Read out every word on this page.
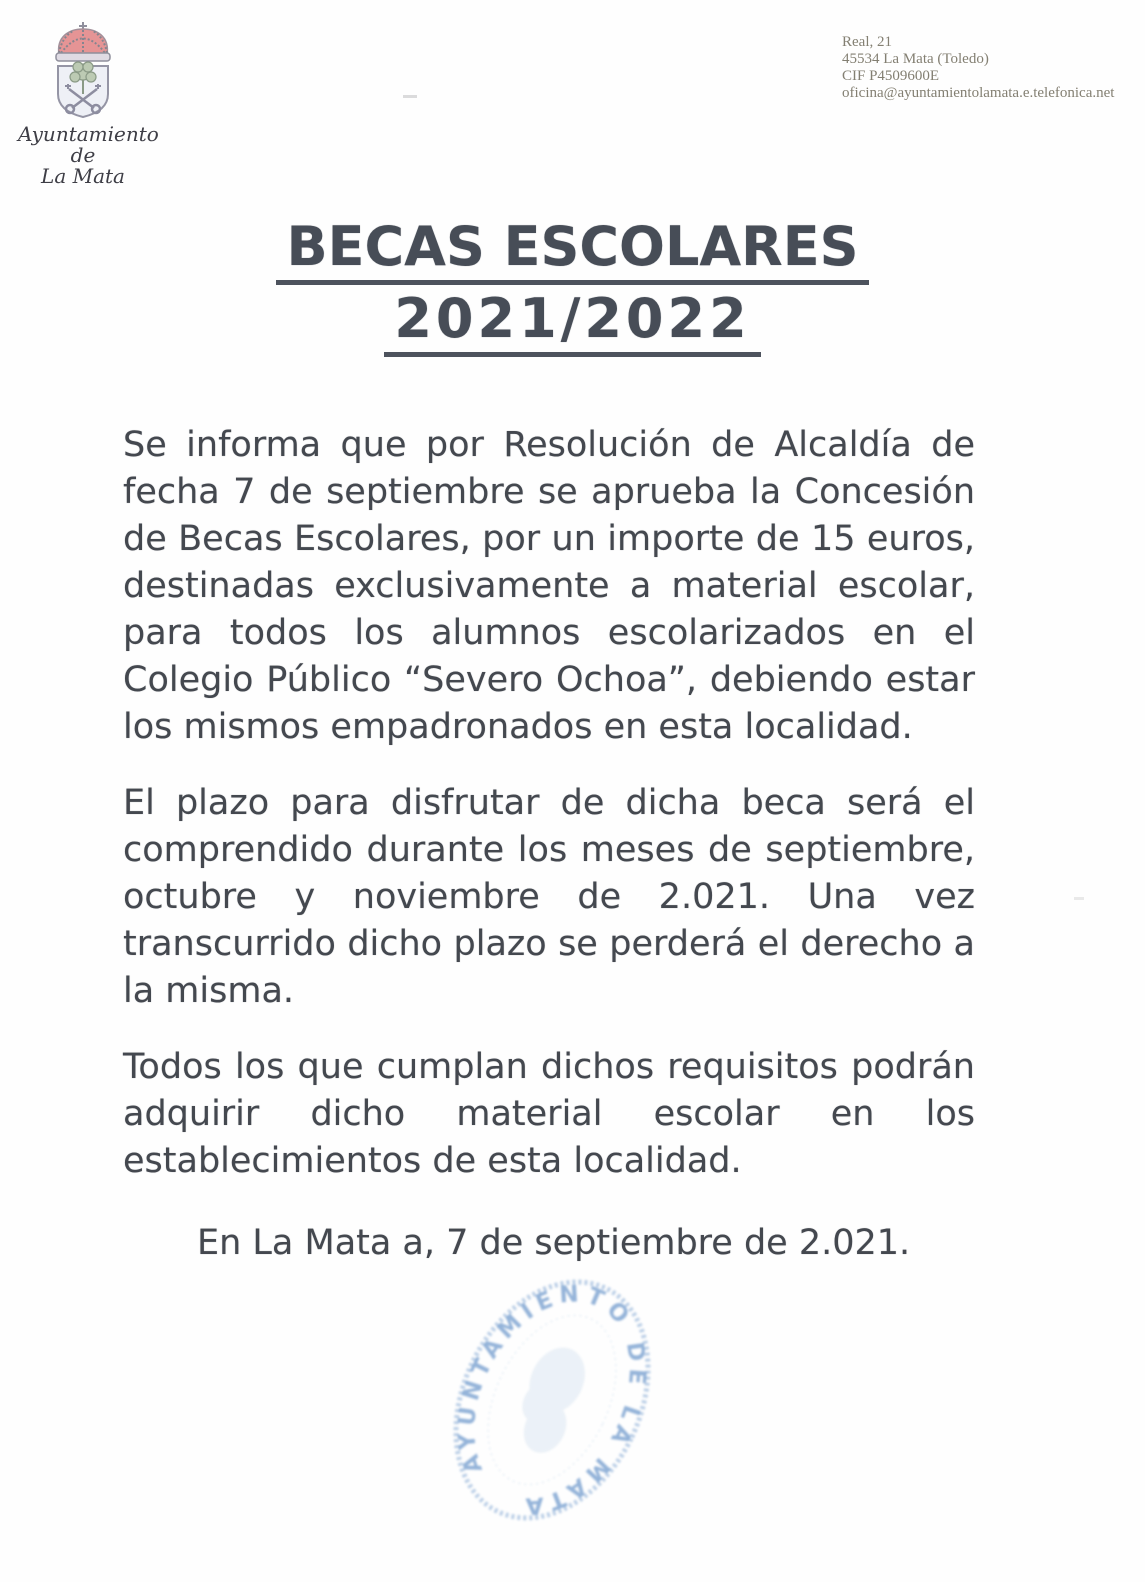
Ayuntamiento
de
La Mata
Real, 21
45534 La Mata (Toledo)
CIF P4509600E
oficina@ayuntamientolamata.e.telefonica.net
BECAS ESCOLARES
2021/2022

Se informa que por Resolución de Alcaldía de fecha 7 de septiembre se aprueba la Concesión de Becas Escolares, por un importe de 15 euros, destinadas exclusivamente a material escolar, para todos los alumnos escolarizados en el Colegio Público “Severo Ochoa”, debiendo estar los mismos empadronados en esta localidad.

El plazo para disfrutar de dicha beca será el comprendido durante los meses de septiembre, octubre y noviembre de 2.021. Una vez transcurrido dicho plazo se perderá el derecho a la misma.

Todos los que cumplan dichos requisitos podrán adquirir dicho material escolar en los establecimientos de esta localidad.

En La Mata a, 7 de septiembre de 2.021.

AYUNTAMIENTO DE LA MATA
